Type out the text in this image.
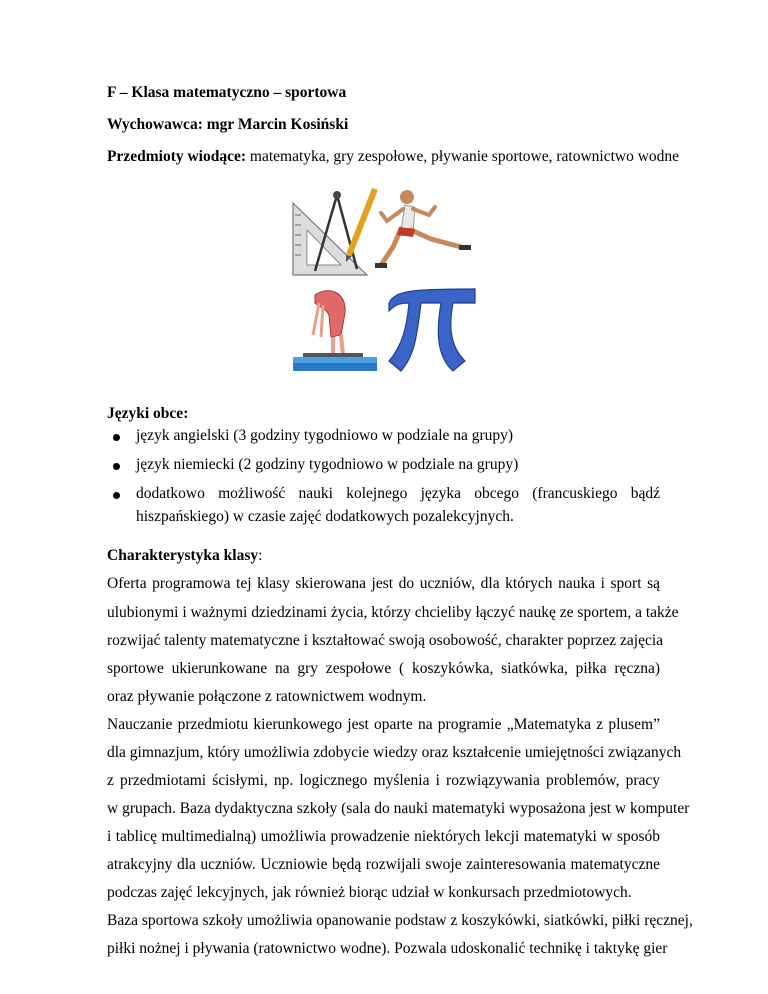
F – Klasa matematyczno – sportowa
Wychowawca: mgr Marcin Kosiński
Przedmioty wiodące: matematyka, gry zespołowe, pływanie sportowe, ratownictwo wodne
Języki obce:
język angielski (3 godziny tygodniowo w podziale na grupy)
język niemiecki (2 godziny tygodniowo w podziale na grupy)
dodatkowo możliwość nauki kolejnego języka obcego (francuskiego bądź
hiszpańskiego) w czasie zajęć dodatkowych pozalekcyjnych.
Charakterystyka klasy:
Oferta programowa tej klasy skierowana jest do uczniów, dla których nauka i sport są
ulubionymi i ważnymi dziedzinami życia, którzy chcieliby łączyć naukę ze sportem, a także
rozwijać talenty matematyczne i kształtować swoją osobowość, charakter poprzez zajęcia
sportowe ukierunkowane na gry zespołowe ( koszykówka, siatkówka, piłka ręczna)
oraz pływanie połączone z ratownictwem wodnym.
Nauczanie przedmiotu kierunkowego jest oparte na programie „Matematyka z plusem”
dla gimnazjum, który umożliwia zdobycie wiedzy oraz kształcenie umiejętności związanych
z przedmiotami ścisłymi, np. logicznego myślenia i rozwiązywania problemów, pracy
w grupach. Baza dydaktyczna szkoły (sala do nauki matematyki wyposażona jest w komputer
i tablicę multimedialną) umożliwia prowadzenie niektórych lekcji matematyki w sposób
atrakcyjny dla uczniów. Uczniowie będą rozwijali swoje zainteresowania matematyczne
podczas zajęć lekcyjnych, jak również biorąc udział w konkursach przedmiotowych.
Baza sportowa szkoły umożliwia opanowanie podstaw z koszykówki, siatkówki, piłki ręcznej,
piłki nożnej i pływania (ratownictwo wodne). Pozwala udoskonalić technikę i taktykę gier
